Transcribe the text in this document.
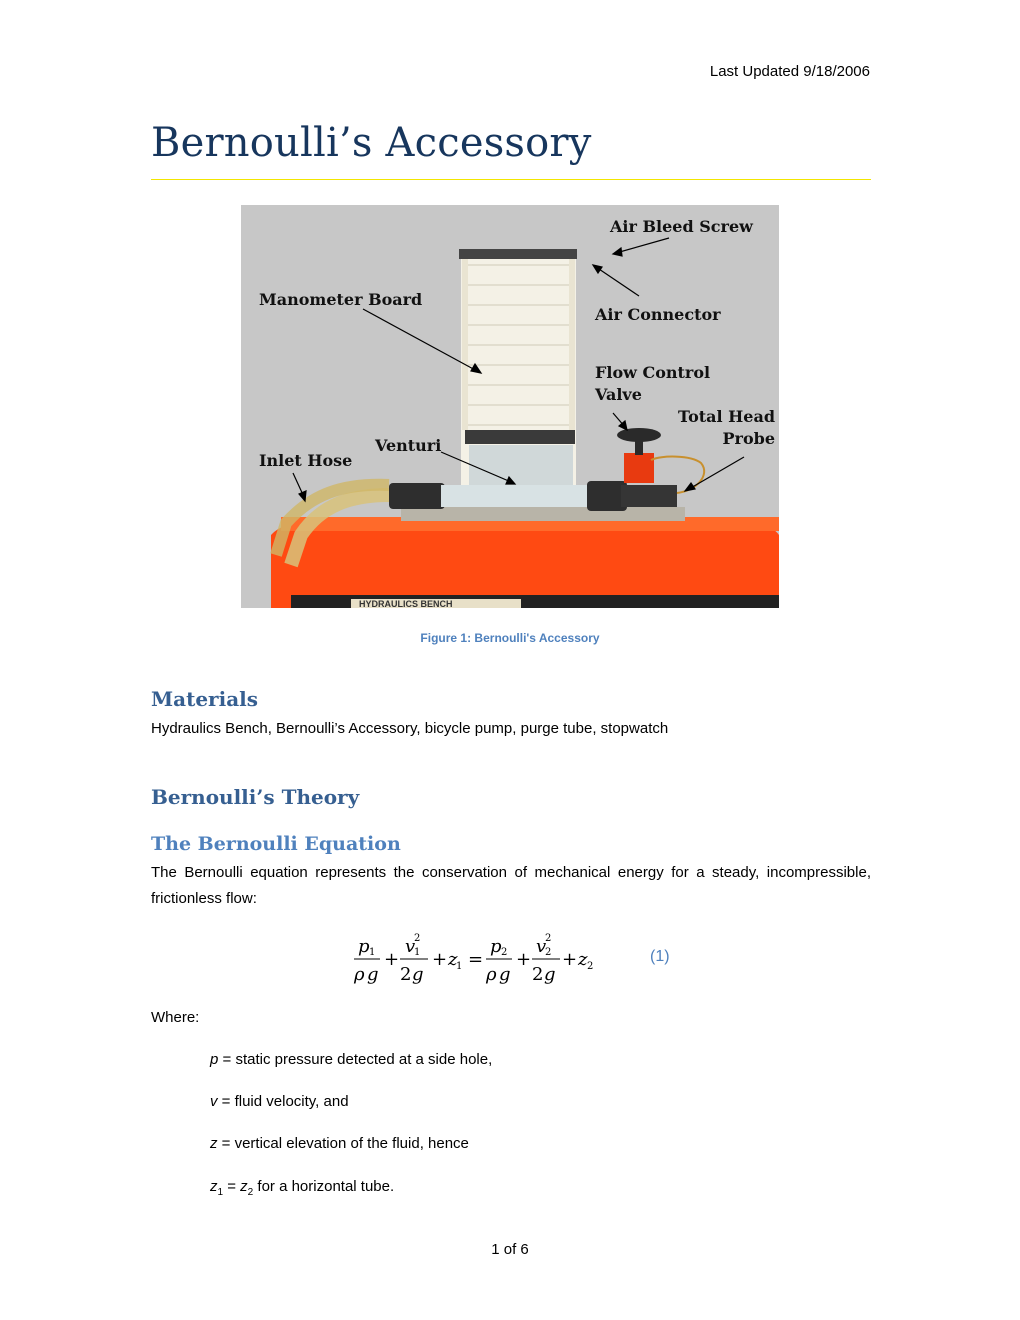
Last Updated 9/18/2006
Bernoulli’s Accessory
HYDRAULICS BENCH
Air Bleed Screw
Manometer Board
Air Connector
Flow Control
Valve
Total Head
Probe
Venturi
Inlet Hose
Figure 1: Bernoulli's Accessory
Materials
Hydraulics Bench, Bernoulli’s Accessory, bicycle pump, purge tube, stopwatch
Bernoulli’s Theory
The Bernoulli Equation
The Bernoulli equation represents the conservation of mechanical energy for a steady, incompressible, frictionless flow:
p 1
ρ g
+
v
2
1
2 g
+ z
1 =
p 2
ρ g
+
v
2
2
2 g
+ z 2
(1)
Where:
p = static pressure detected at a side hole,
v = fluid velocity, and
z = vertical elevation of the fluid, hence
$z_1 = z_2$ for a horizontal tube.
1 of 6
